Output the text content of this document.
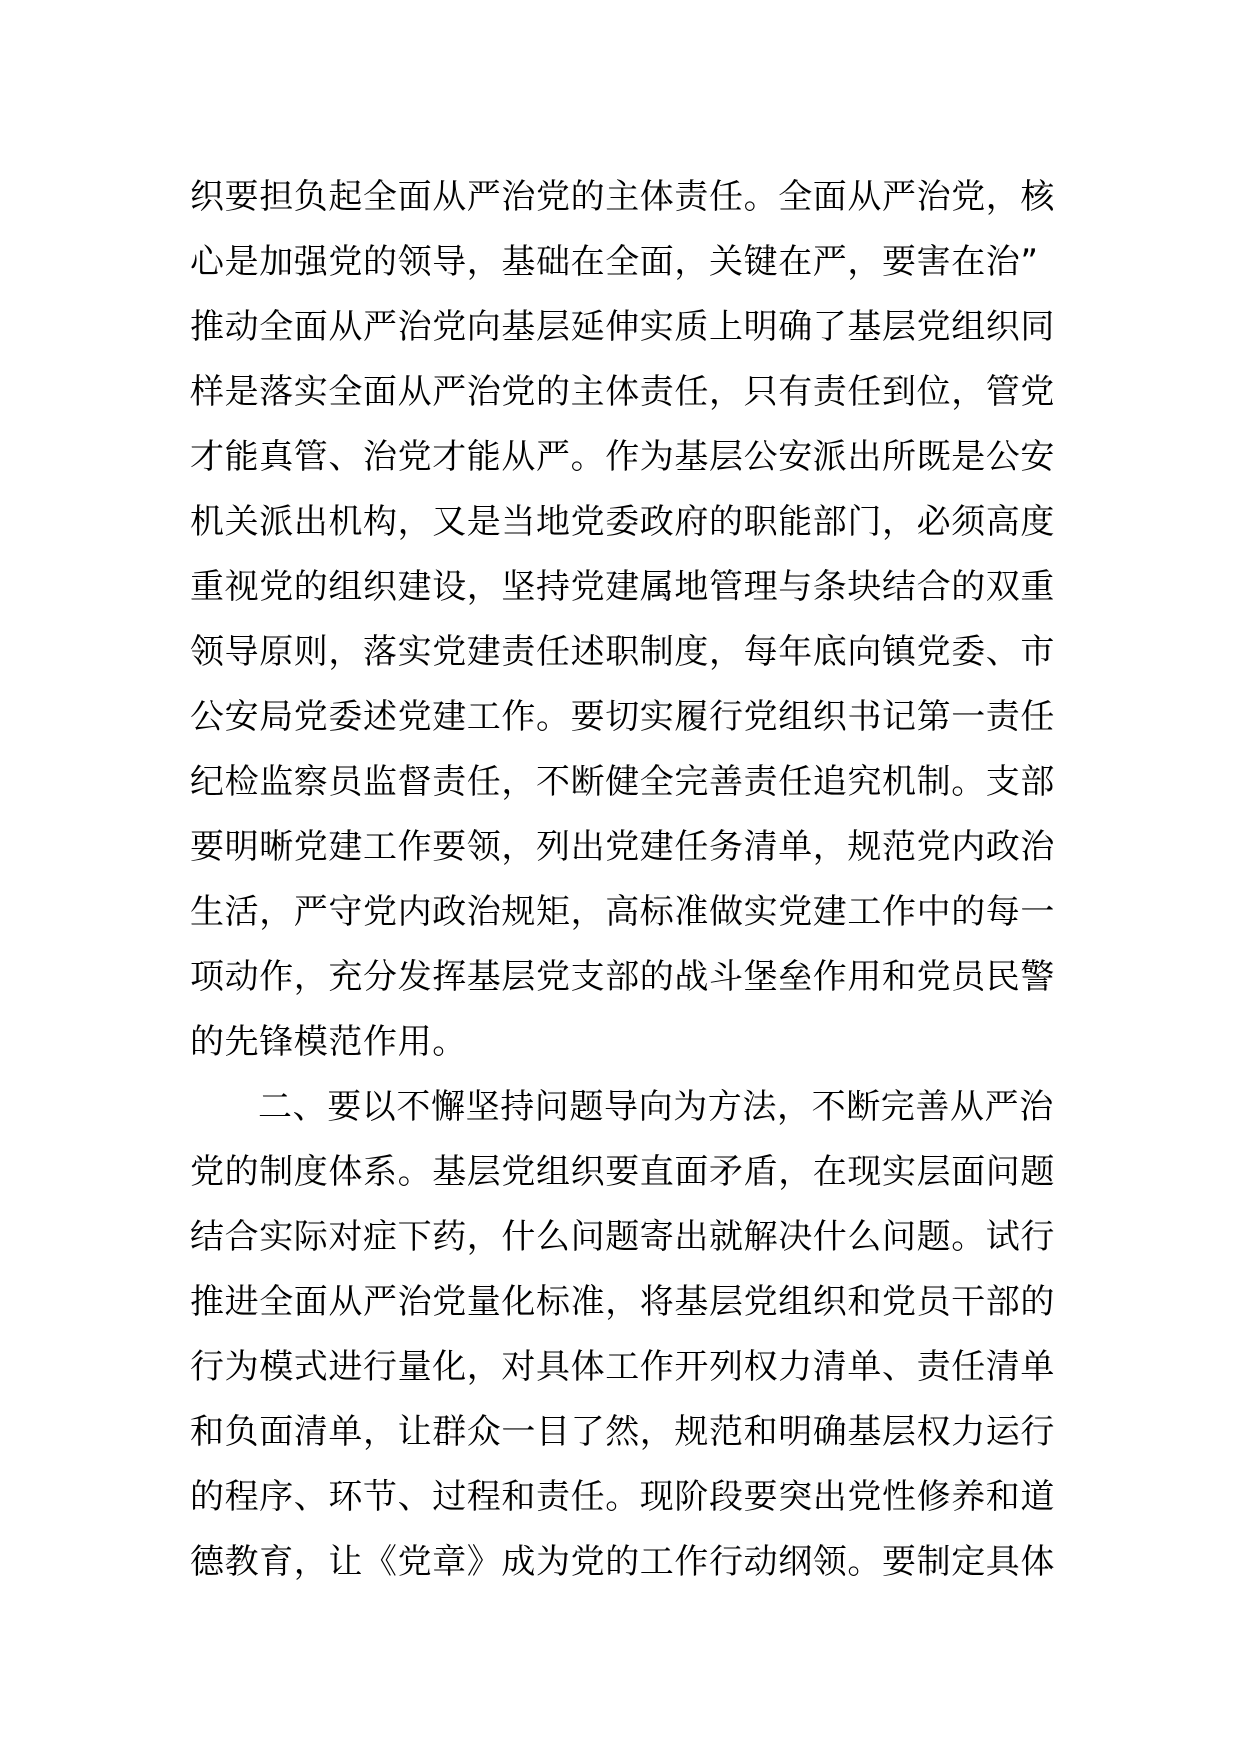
织要担负起全面从严治党的主体责任。全面从严治党，核
心是加强党的领导，基础在全面，关键在严，要害在治”
推动全面从严治党向基层延伸实质上明确了基层党组织同
样是落实全面从严治党的主体责任，只有责任到位，管党
才能真管、治党才能从严。作为基层公安派出所既是公安
机关派出机构，又是当地党委政府的职能部门，必须高度
重视党的组织建设，坚持党建属地管理与条块结合的双重
领导原则，落实党建责任述职制度，每年底向镇党委、市
公安局党委述党建工作。要切实履行党组织书记第一责任
纪检监察员监督责任，不断健全完善责任追究机制。支部
要明晰党建工作要领，列出党建任务清单，规范党内政治
生活，严守党内政治规矩，高标准做实党建工作中的每一
项动作，充分发挥基层党支部的战斗堡垒作用和党员民警
的先锋模范作用。
二、要以不懈坚持问题导向为方法，不断完善从严治
党的制度体系。基层党组织要直面矛盾，在现实层面问题
结合实际对症下药，什么问题寄出就解决什么问题。试行
推进全面从严治党量化标准，将基层党组织和党员干部的
行为模式进行量化，对具体工作开列权力清单、责任清单
和负面清单，让群众一目了然，规范和明确基层权力运行
的程序、环节、过程和责任。现阶段要突出党性修养和道
德教育，让《党章》成为党的工作行动纲领。要制定具体
